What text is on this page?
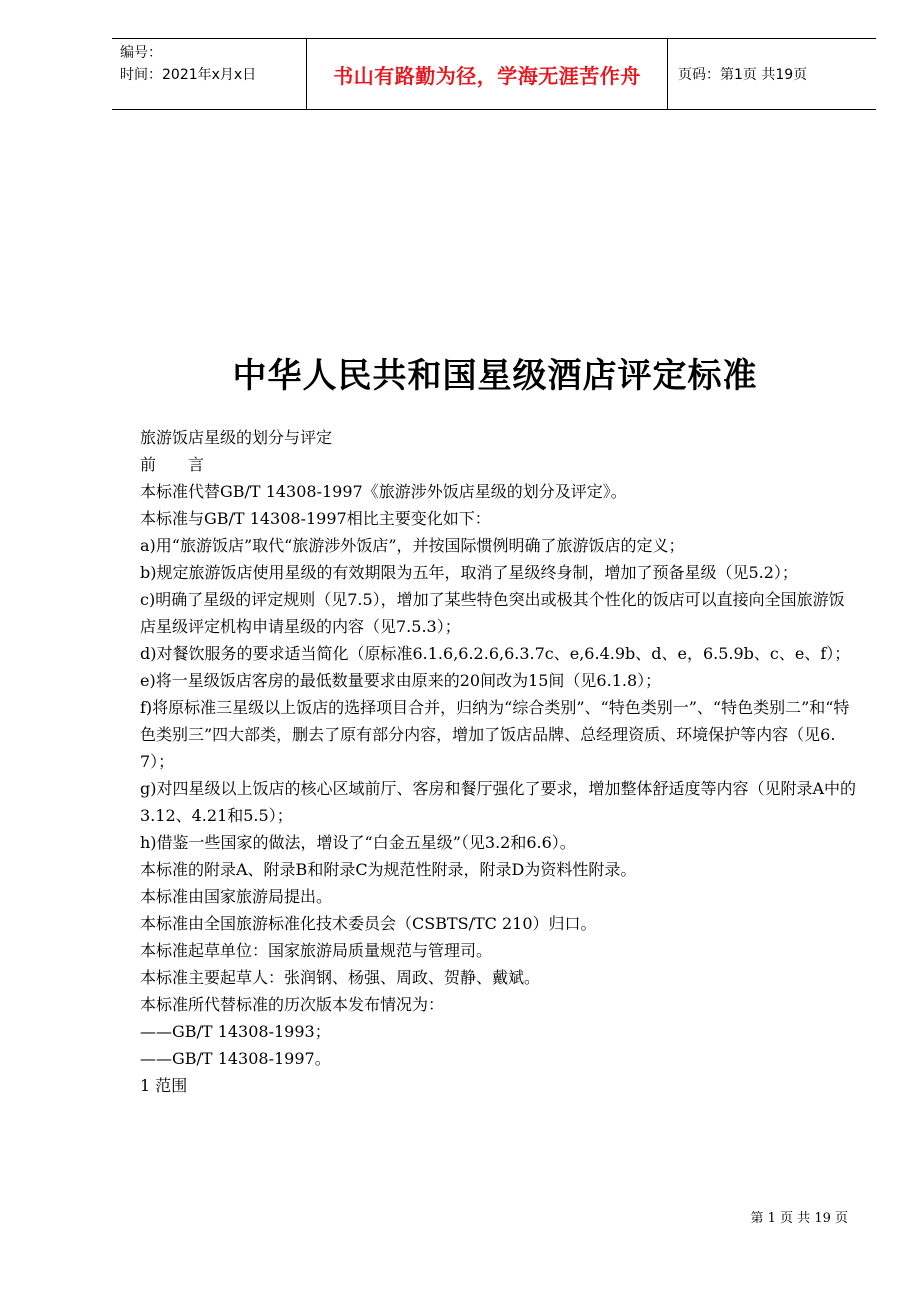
编号：
时间：2021年x月x日	书山有路勤为径，学海无涯苦作舟	页码：第1页 共19页
中华人民共和国星级酒店评定标准

旅游饭店星级的划分与评定

前　　言

本标准代替GB/T 14308-1997《旅游涉外饭店星级的划分及评定》。

本标准与GB/T 14308-1997相比主要变化如下：

a)用“旅游饭店”取代“旅游涉外饭店”，并按国际惯例明确了旅游饭店的定义；

b)规定旅游饭店使用星级的有效期限为五年，取消了星级终身制，增加了预备星级（见5.2）；

c)明确了星级的评定规则（见7.5），增加了某些特色突出或极其个性化的饭店可以直接向全国旅游饭店星级评定机构申请星级的内容（见7.5.3）；

d)对餐饮服务的要求适当简化（原标准6.1.6,6.2.6,6.3.7c、e,6.4.9b、d、e，6.5.9b、c、e、f）；

e)将一星级饭店客房的最低数量要求由原来的20间改为15间（见6.1.8）；

f)将原标准三星级以上饭店的选择项目合并，归纳为“综合类别”、“特色类别一”、“特色类别二”和“特色类别三”四大部类，删去了原有部分内容，增加了饭店品牌、总经理资质、环境保护等内容（见6.7）；

g)对四星级以上饭店的核心区域前厅、客房和餐厅强化了要求，增加整体舒适度等内容（见附录A中的3.12、4.21和5.5）；

h)借鉴一些国家的做法，增设了“白金五星级”（见3.2和6.6）。

本标准的附录A、附录B和附录C为规范性附录，附录D为资料性附录。

本标准由国家旅游局提出。

本标准由全国旅游标准化技术委员会（CSBTS/TC 210）归口。

本标准起草单位：国家旅游局质量规范与管理司。

本标准主要起草人：张润钢、杨强、周政、贺静、戴斌。

本标准所代替标准的历次版本发布情况为：

——GB/T 14308-1993；

——GB/T 14308-1997。

1 范围

第 1 页 共 19 页
